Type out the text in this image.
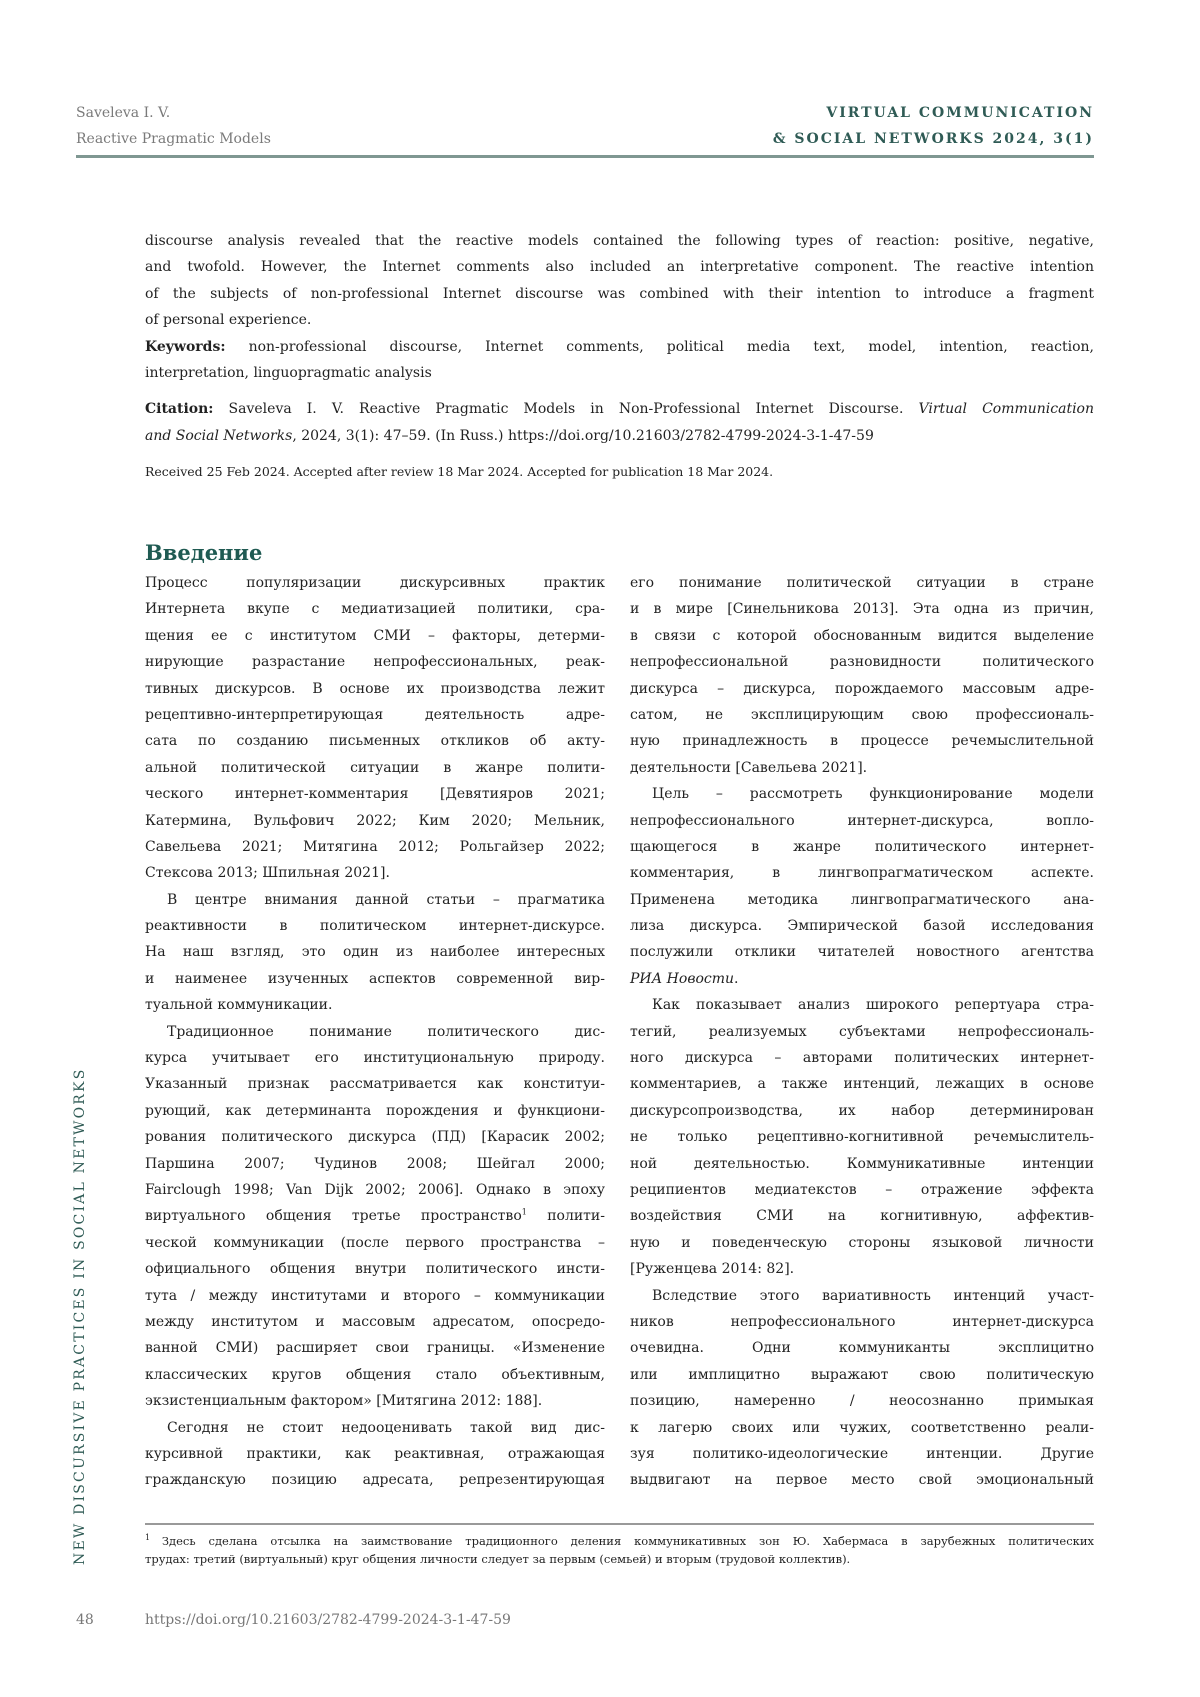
Saveleva I. V.
Reactive Pragmatic Models
VIRTUAL COMMUNICATION
& SOCIAL NETWORKS 2024, 3(1)
NEW DISCURSIVE PRACTICES IN SOCIAL NETWORKS
discourse analysis revealed that the reactive models contained the following types of reaction: positive, negative,
and twofold. However, the Internet comments also included an interpretative component. The reactive intention
of the subjects of non-professional Internet discourse was combined with their intention to introduce a fragment
of personal experience.
Keywords: non-professional discourse, Internet comments, political media text, model, intention, reaction,
interpretation, linguopragmatic analysis
Citation: Saveleva I. V. Reactive Pragmatic Models in Non-Professional Internet Discourse. Virtual Communication
and Social Networks, 2024, 3(1): 47–59. (In Russ.) https://doi.org/10.21603/2782-4799-2024-3-1-47-59
Received 25 Feb 2024. Accepted after review 18 Mar 2024. Accepted for publication 18 Mar 2024.
Введение
Процесс популяризации дискурсивных практик
Интернета вкупе с медиатизацией политики, сра-
щения ее с институтом СМИ – факторы, детерми-
нирующие разрастание непрофессиональных, реак-
тивных дискурсов. В основе их производства лежит
рецептивно-интерпретирующая деятельность адре-
сата по созданию письменных откликов об акту-
альной политической ситуации в жанре полити-
ческого интернет-комментария [Девятияров 2021;
Катермина, Вульфович 2022; Ким 2020; Мельник,
Савельева 2021; Митягина 2012; Рольгайзер 2022;
Стексова 2013; Шпильная 2021].
В центре внимания данной статьи – прагматика
реактивности в политическом интернет-дискурсе.
На наш взгляд, это один из наиболее интересных
и наименее изученных аспектов современной вир-
туальной коммуникации.
Традиционное понимание политического дис-
курса учитывает его институциональную природу.
Указанный признак рассматривается как конституи-
рующий, как детерминанта порождения и функциони-
рования политического дискурса (ПД) [Карасик 2002;
Паршина 2007; Чудинов 2008; Шейгал 2000;
Fairclough 1998; Van Dijk 2002; 2006]. Однако в эпоху
виртуального общения третье пространство1 полити-
ческой коммуникации (после первого пространства –
официального общения внутри политического инсти-
тута / между институтами и второго – коммуникации
между институтом и массовым адресатом, опосредо-
ванной СМИ) расширяет свои границы. «Изменение
классических кругов общения стало объективным,
экзистенциальным фактором» [Митягина 2012: 188].
Сегодня не стоит недооценивать такой вид дис-
курсивной практики, как реактивная, отражающая
гражданскую позицию адресата, репрезентирующая
его понимание политической ситуации в стране
и в мире [Синельникова 2013]. Эта одна из причин,
в связи с которой обоснованным видится выделение
непрофессиональной разновидности политического
дискурса – дискурса, порождаемого массовым адре-
сатом, не эксплицирующим свою профессиональ-
ную принадлежность в процессе речемыслительной
деятельности [Савельева 2021].
Цель – рассмотреть функционирование модели
непрофессионального интернет-дискурса, вопло-
щающегося в жанре политического интернет-
комментария, в лингвопрагматическом аспекте.
Применена методика лингвопрагматического ана-
лиза дискурса. Эмпирической базой исследования
послужили отклики читателей новостного агентства
РИА Новости.
Как показывает анализ широкого репертуара стра-
тегий, реализуемых субъектами непрофессиональ-
ного дискурса – авторами политических интернет-
комментариев, а также интенций, лежащих в основе
дискурсопроизводства, их набор детерминирован
не только рецептивно-когнитивной речемыслитель-
ной деятельностью. Коммуникативные интенции
реципиентов медиатекстов – отражение эффекта
воздействия СМИ на когнитивную, аффектив-
ную и поведенческую стороны языковой личности
[Руженцева 2014: 82].
Вследствие этого вариативность интенций участ-
ников непрофессионального интернет-дискурса
очевидна. Одни коммуниканты эксплицитно
или имплицитно выражают свою политическую
позицию, намеренно / неосознанно примыкая
к лагерю своих или чужих, соответственно реали-
зуя политико-идеологические интенции. Другие
выдвигают на первое место свой эмоциональный
1 Здесь сделана отсылка на заимствование традиционного деления коммуникативных зон Ю. Хабермаса в зарубежных политических
трудах: третий (виртуальный) круг общения личности следует за первым (семьей) и вторым (трудовой коллектив).
48	https://doi.org/10.21603/2782-4799-2024-3-1-47-59
